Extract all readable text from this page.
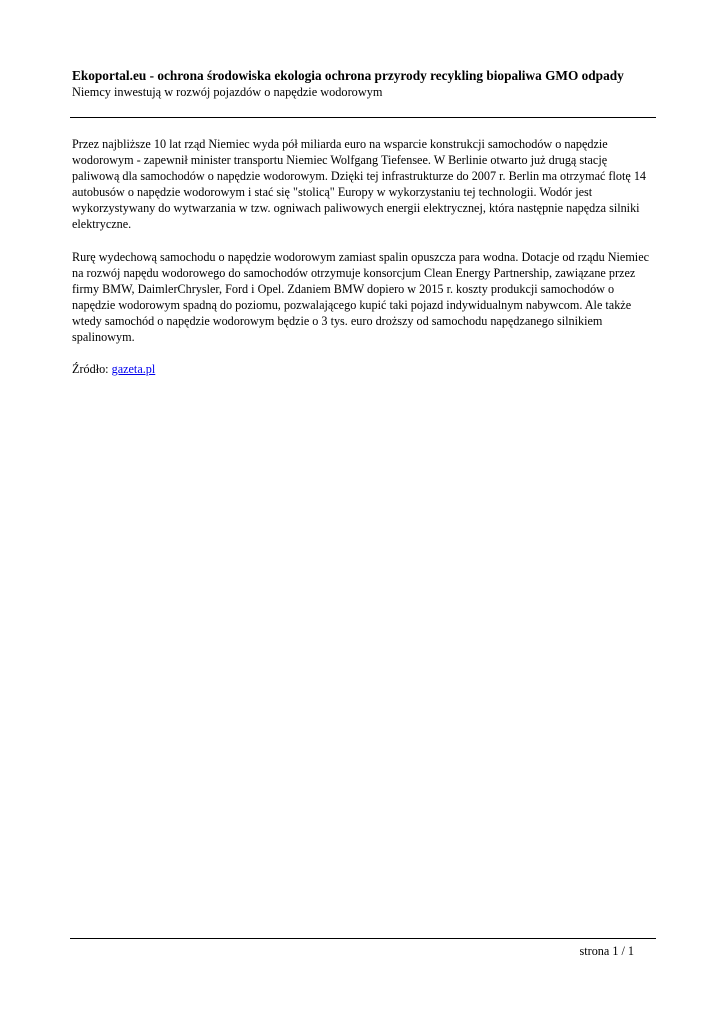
Ekoportal.eu - ochrona środowiska ekologia ochrona przyrody recykling biopaliwa GMO odpady
Niemcy inwestują w rozwój pojazdów o napędzie wodorowym

Przez najbliższe 10 lat rząd Niemiec wyda pół miliarda euro na wsparcie konstrukcji samochodów o napędzie wodorowym - zapewnił minister transportu Niemiec Wolfgang Tiefensee. W Berlinie otwarto już drugą stację paliwową dla samochodów o napędzie wodorowym. Dzięki tej infrastrukturze do 2007 r. Berlin ma otrzymać flotę 14 autobusów o napędzie wodorowym i stać się "stolicą" Europy w wykorzystaniu tej technologii. Wodór jest wykorzystywany do wytwarzania w tzw. ogniwach paliwowych energii elektrycznej, która następnie napędza silniki elektryczne.

Rurę wydechową samochodu o napędzie wodorowym zamiast spalin opuszcza para wodna. Dotacje od rządu Niemiec na rozwój napędu wodorowego do samochodów otrzymuje konsorcjum Clean Energy Partnership, zawiązane przez firmy BMW, DaimlerChrysler, Ford i Opel. Zdaniem BMW dopiero w 2015 r. koszty produkcji samochodów o napędzie wodorowym spadną do poziomu, pozwalającego kupić taki pojazd indywidualnym nabywcom. Ale także wtedy samochód o napędzie wodorowym będzie o 3 tys. euro droższy od samochodu napędzanego silnikiem spalinowym.

Źródło: gazeta.pl

strona 1 / 1
